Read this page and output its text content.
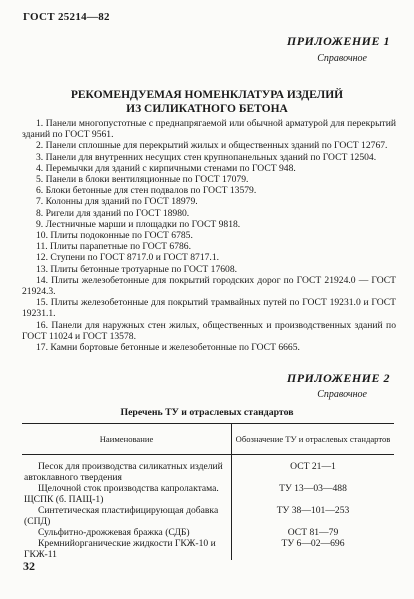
ГОСТ 25214—82
ПРИЛОЖЕНИЕ 1
Справочное
РЕКОМЕНДУЕМАЯ НОМЕНКЛАТУРА ИЗДЕЛИЙ
ИЗ СИЛИКАТНОГО БЕТОНА
1. Панели многопустотные с преднапрягаемой или обычной арматурой для перекрытий зданий по ГОСТ 9561.
2. Панели сплошные для перекрытий жилых и общественных зданий по ГОСТ 12767.
3. Панели для внутренних несущих стен крупнопанельных зданий по ГОСТ 12504.
4. Перемычки для зданий с кирпичными стенами по ГОСТ 948.
5. Панели в блоки вентиляционные по ГОСТ 17079.
6. Блоки бетонные для стен подвалов по ГОСТ 13579.
7. Колонны для зданий по ГОСТ 18979.
8. Ригели для зданий по ГОСТ 18980.
9. Лестничные марши и площадки по ГОСТ 9818.
10. Плиты подоконные по ГОСТ 6785.
11. Плиты парапетные по ГОСТ 6786.
12. Ступени по ГОСТ 8717.0 и ГОСТ 8717.1.
13. Плиты бетонные тротуарные по ГОСТ 17608.
14. Плиты железобетонные для покрытий городских дорог по ГОСТ 21924.0 — ГОСТ 21924.3.
15. Плиты железобетонные для покрытий трамвайных путей по ГОСТ 19231.0 и ГОСТ 19231.1.
16. Панели для наружных стен жилых, общественных и производственных зданий по ГОСТ 11024 и ГОСТ 13578.
17. Камни бортовые бетонные и железобетонные по ГОСТ 6665.
ПРИЛОЖЕНИЕ 2
Справочное
Перечень ТУ и отраслевых стандартов
Наименование	Обозначение ТУ и отраслевых стандартов

Песок для производства силикатных изделий автоклавного твердения	ОСТ 21—1
Щелочной сток производства капролактама. ЩСПК (б. ПАЩ-1)	ТУ 13—03—488
Синтетическая пластифицирующая добавка (СПД)	ТУ 38—101—253
Сульфитно-дрожжевая бражка (СДБ)	ОСТ 81—79
Кремнийорганические жидкости ГКЖ-10 и ГКЖ-11	ТУ 6—02—696
32
